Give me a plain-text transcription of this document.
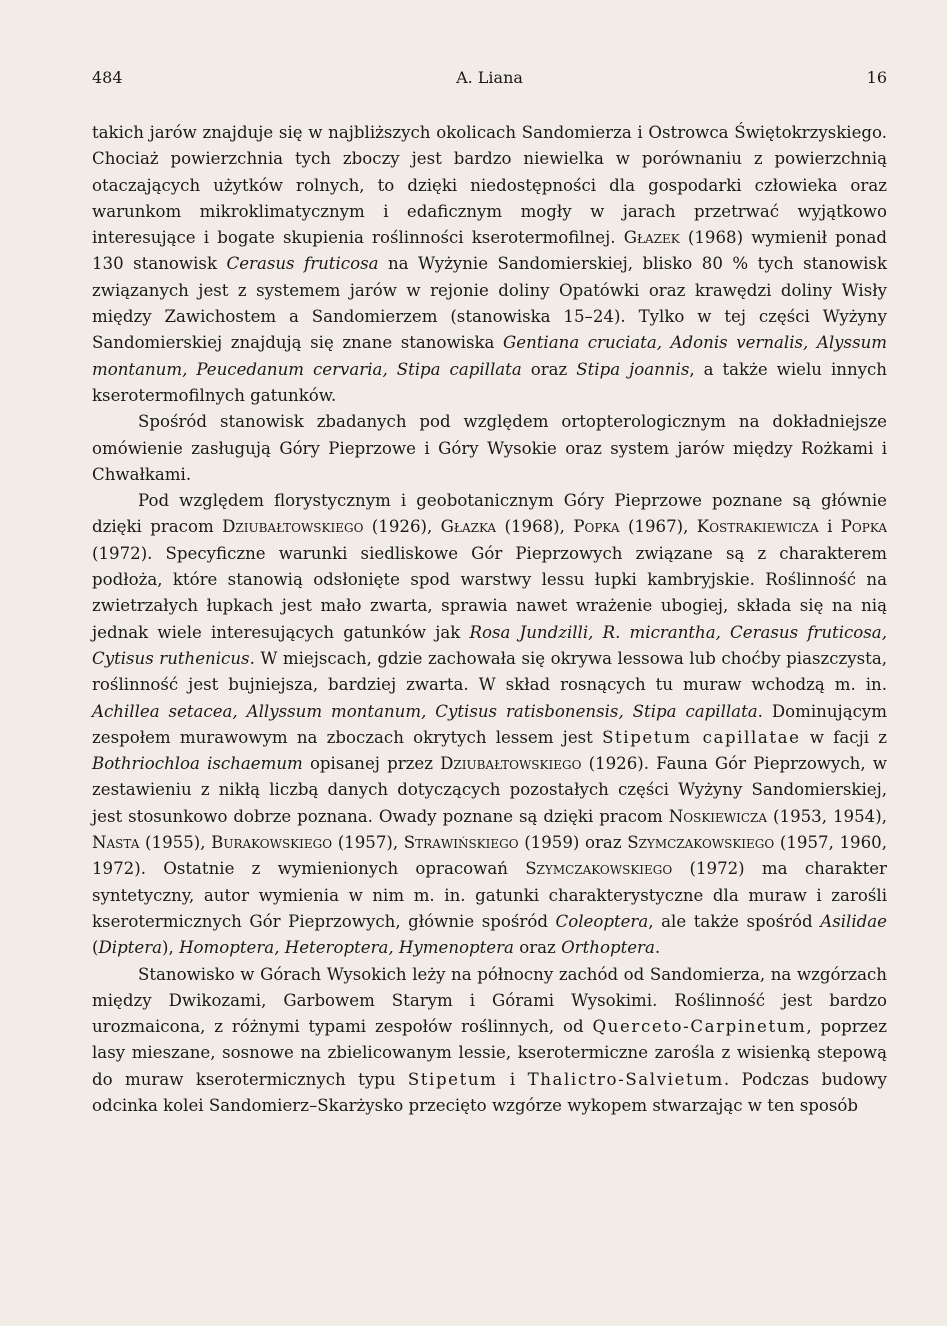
484	A. Liana	16

takich jarów znajduje się w najbliższych okolicach Sandomierza i Ostrowca Świętokrzyskiego. Chociaż powierzchnia tych zboczy jest bardzo niewielka w porównaniu z powierzchnią otaczających użytków rolnych, to dzięki niedostępności dla gospodarki człowieka oraz warunkom mikroklimatycznym i edaficznym mogły w jarach przetrwać wyjątkowo interesujące i bogate skupienia roślinności kserotermofilnej. Głazek (1968) wymienił ponad 130 stanowisk Cerasus fruticosa na Wyżynie Sandomierskiej, blisko 80 % tych stanowisk związanych jest z systemem jarów w rejonie doliny Opatówki oraz krawędzi doliny Wisły między Zawichostem a Sandomierzem (stanowiska 15–24). Tylko w tej części Wyżyny Sandomierskiej znajdują się znane stanowiska Gentiana cruciata, Adonis vernalis, Alyssum montanum, Peucedanum cervaria, Stipa capillata oraz Stipa joannis, a także wielu innych kserotermofilnych gatunków.

Spośród stanowisk zbadanych pod względem ortopterologicznym na dokładniejsze omówienie zasługują Góry Pieprzowe i Góry Wysokie oraz system jarów między Rożkami i Chwałkami.

Pod względem florystycznym i geobotanicznym Góry Pieprzowe poznane są głównie dzięki pracom Dziubałtowskiego (1926), Głazka (1968), Popka (1967), Kostrakiewicza i Popka (1972). Specyficzne warunki siedliskowe Gór Pieprzowych związane są z charakterem podłoża, które stanowią odsłonięte spod warstwy lessu łupki kambryjskie. Roślinność na zwietrzałych łupkach jest mało zwarta, sprawia nawet wrażenie ubogiej, składa się na nią jednak wiele interesujących gatunków jak Rosa Jundzilli, R. micrantha, Cerasus fruticosa, Cytisus ruthenicus. W miejscach, gdzie zachowała się okrywa lessowa lub choćby piaszczysta, roślinność jest bujniejsza, bardziej zwarta. W skład rosnących tu muraw wchodzą m. in. Achillea setacea, Allyssum montanum, Cytisus ratisbonensis, Stipa capillata. Dominującym zespołem murawowym na zboczach okrytych lessem jest Stipetum capillatae w facji z Bothriochloa ischaemum opisanej przez Dziubałtowskiego (1926). Fauna Gór Pieprzowych, w zestawieniu z nikłą liczbą danych dotyczących pozostałych części Wyżyny Sandomierskiej, jest stosunkowo dobrze poznana. Owady poznane są dzięki pracom Noskiewicza (1953, 1954), Nasta (1955), Burakowskiego (1957), Strawińskiego (1959) oraz Szymczakowskiego (1957, 1960, 1972). Ostatnie z wymienionych opracowań Szymczakowskiego (1972) ma charakter syntetyczny, autor wymienia w nim m. in. gatunki charakterystyczne dla muraw i zarośli kserotermicznych Gór Pieprzowych, głównie spośród Coleoptera, ale także spośród Asilidae (Diptera), Homoptera, Heteroptera, Hymenoptera oraz Orthoptera.

Stanowisko w Górach Wysokich leży na północny zachód od Sandomierza, na wzgórzach między Dwikozami, Garbowem Starym i Górami Wysokimi. Roślinność jest bardzo urozmaicona, z różnymi typami zespołów roślinnych, od Querceto-Carpinetum, poprzez lasy mieszane, sosnowe na zbielicowanym lessie, kserotermiczne zarośla z wisienką stepową do muraw kserotermicznych typu Stipetum i Thalictro-Salvietum. Podczas budowy odcinka kolei Sandomierz–Skarżysko przecięto wzgórze wykopem stwarzając w ten sposób
